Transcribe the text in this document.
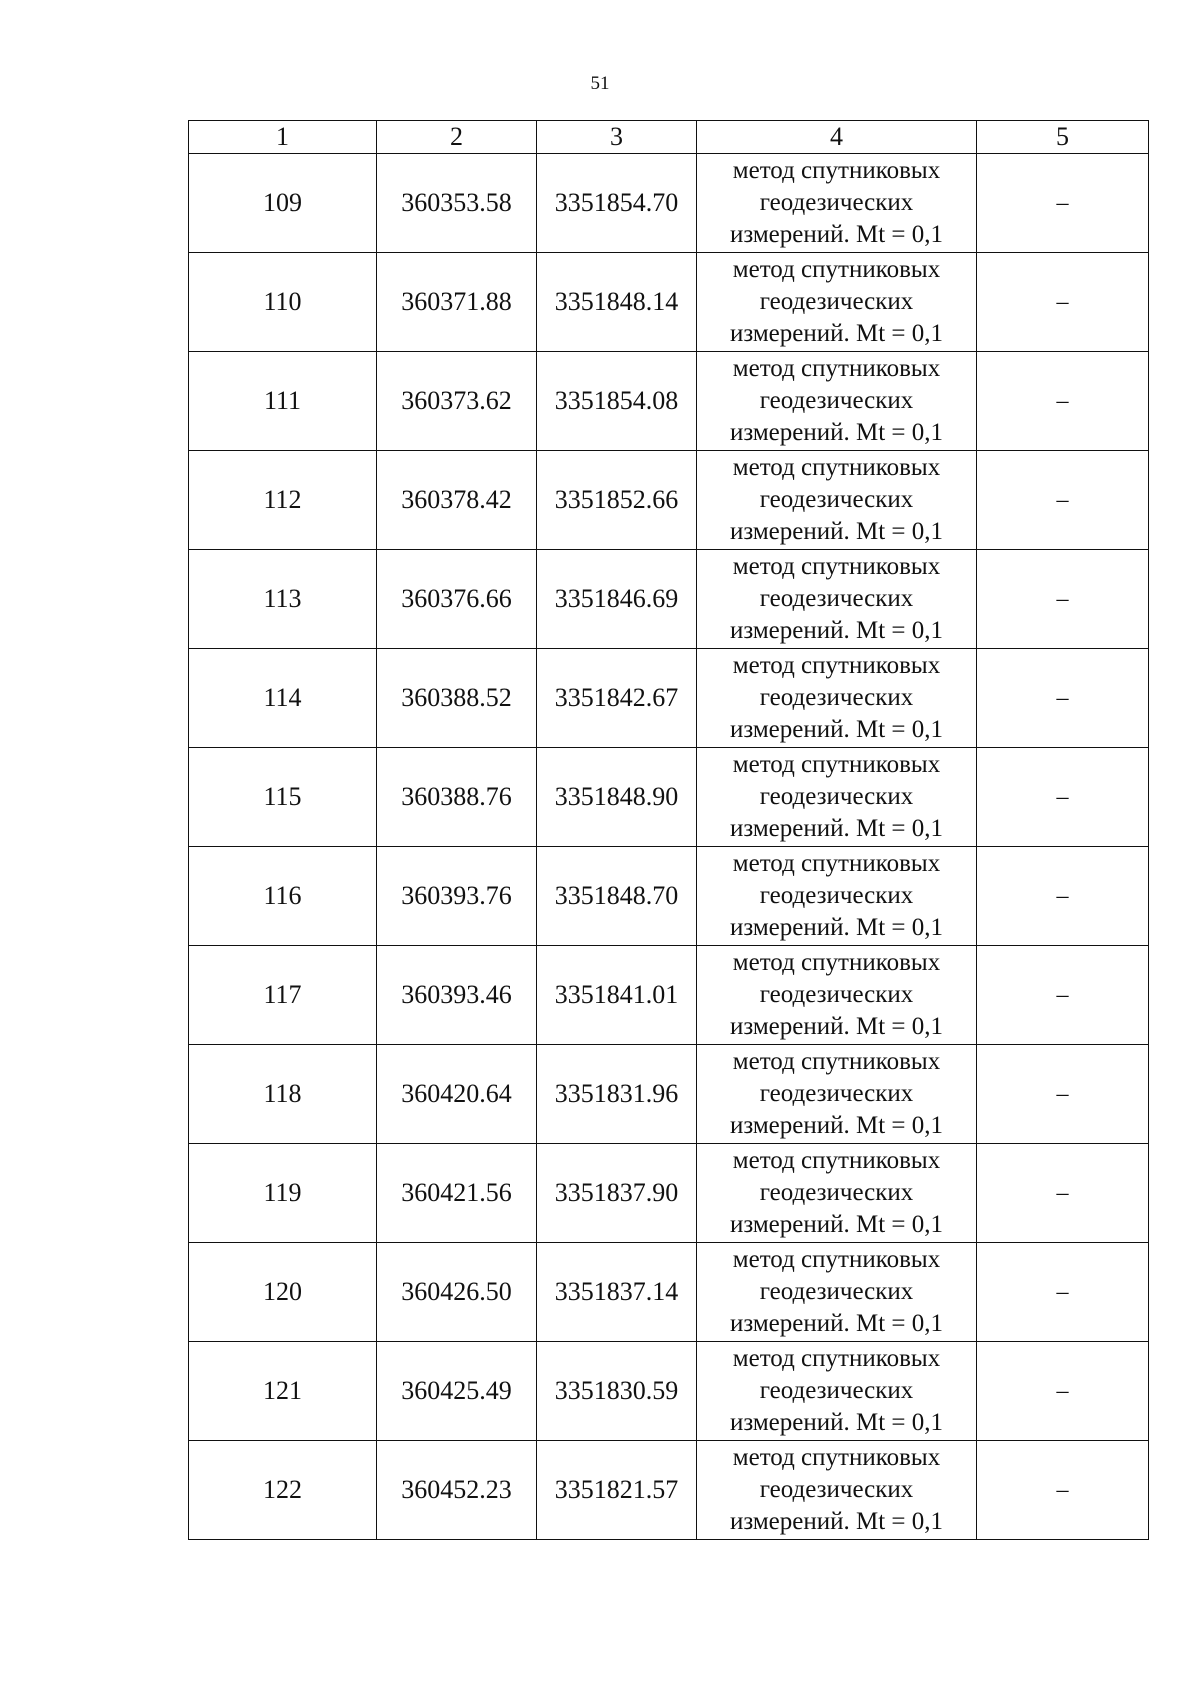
51
1	2	3	4	5
109	360353.58	3351854.70	метод спутниковых
геодезических
измерений. Mt = 0,1	–
110	360371.88	3351848.14	метод спутниковых
геодезических
измерений. Mt = 0,1	–
111	360373.62	3351854.08	метод спутниковых
геодезических
измерений. Mt = 0,1	–
112	360378.42	3351852.66	метод спутниковых
геодезических
измерений. Mt = 0,1	–
113	360376.66	3351846.69	метод спутниковых
геодезических
измерений. Mt = 0,1	–
114	360388.52	3351842.67	метод спутниковых
геодезических
измерений. Mt = 0,1	–
115	360388.76	3351848.90	метод спутниковых
геодезических
измерений. Mt = 0,1	–
116	360393.76	3351848.70	метод спутниковых
геодезических
измерений. Mt = 0,1	–
117	360393.46	3351841.01	метод спутниковых
геодезических
измерений. Mt = 0,1	–
118	360420.64	3351831.96	метод спутниковых
геодезических
измерений. Mt = 0,1	–
119	360421.56	3351837.90	метод спутниковых
геодезических
измерений. Mt = 0,1	–
120	360426.50	3351837.14	метод спутниковых
геодезических
измерений. Mt = 0,1	–
121	360425.49	3351830.59	метод спутниковых
геодезических
измерений. Mt = 0,1	–
122	360452.23	3351821.57	метод спутниковых
геодезических
измерений. Mt = 0,1	–
